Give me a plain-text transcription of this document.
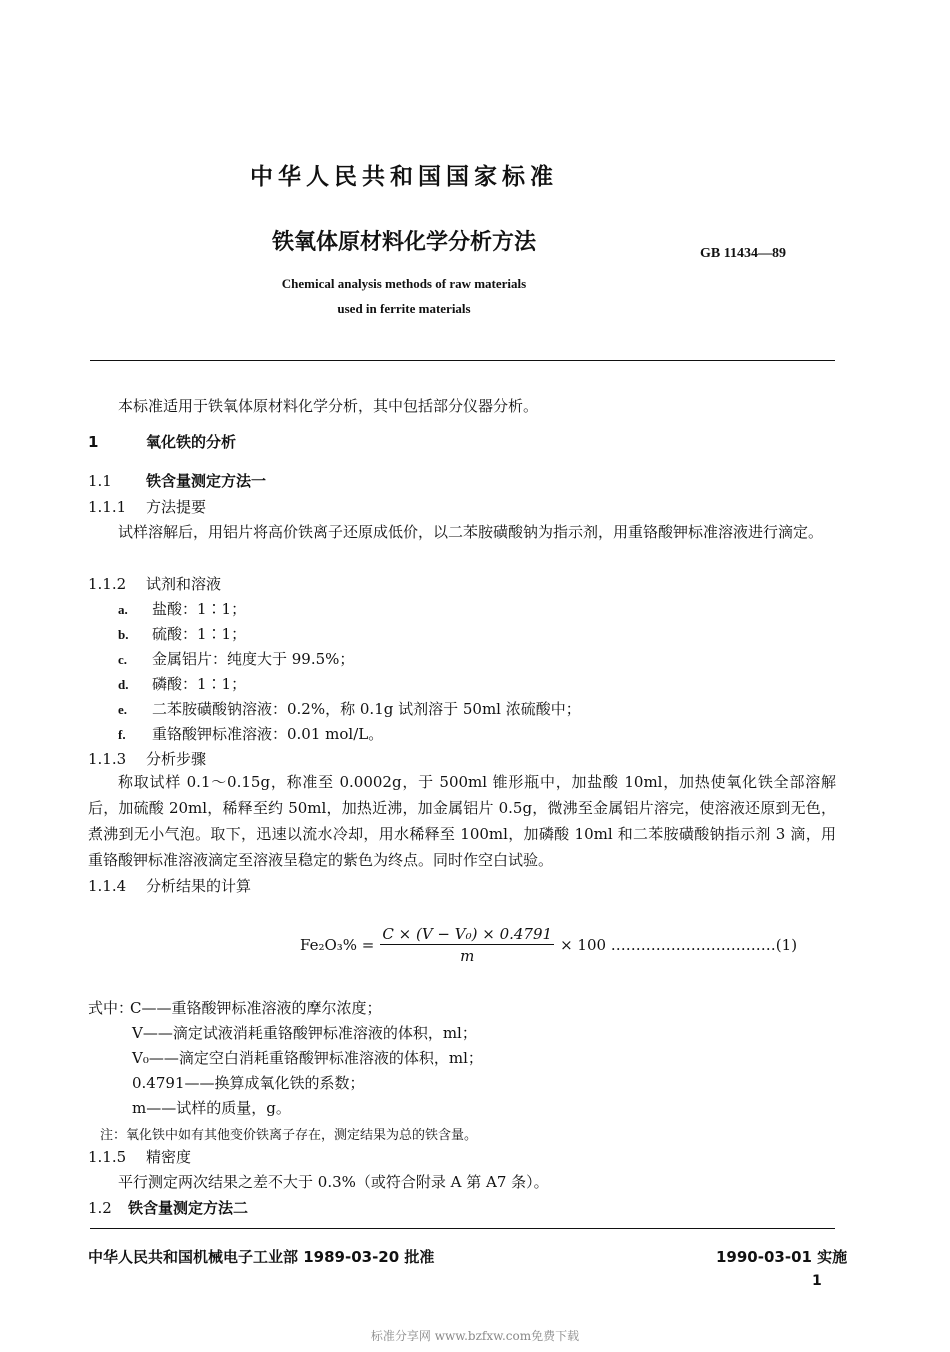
中华人民共和国国家标准
铁氧体原材料化学分析方法	GB 11434—89
Chemical analysis methods of raw materials
used in ferrite materials
本标准适用于铁氧体原材料化学分析，其中包括部分仪器分析。
1	氧化铁的分析
1.1 铁含量测定方法一
1.1.1 方法提要
试样溶解后，用铝片将高价铁离子还原成低价，以二苯胺磺酸钠为指示剂，用重铬酸钾标准溶液进行滴定。
1.1.2 试剂和溶液
a. 盐酸：1∶1；
b. 硫酸：1∶1；
c. 金属铝片：纯度大于 99.5%；
d. 磷酸：1∶1；
e. 二苯胺磺酸钠溶液：0.2%，称 0.1g 试剂溶于 50ml 浓硫酸中；
f. 重铬酸钾标准溶液：0.01 mol/L。
1.1.3 分析步骤
称取试样 0.1～0.15g，称准至 0.0002g，于 500ml 锥形瓶中，加盐酸 10ml，加热使氧化铁全部溶解后，加硫酸 20ml，稀释至约 50ml，加热近沸，加金属铝片 0.5g，微沸至金属铝片溶完，使溶液还原到无色，煮沸到无小气泡。取下，迅速以流水冷却，用水稀释至 100ml，加磷酸 10ml 和二苯胺磺酸钠指示剂 3 滴，用重铬酸钾标准溶液滴定至溶液呈稳定的紫色为终点。同时作空白试验。
1.1.4 分析结果的计算
$Fe_2O_3\% = \frac{\text{C × (V − V₀) × 0.4791}}{m} \times 100$ ……………………………(1)
式中：
C——重铬酸钾标准溶液的摩尔浓度；
V——滴定试液消耗重铬酸钾标准溶液的体积，ml；
V₀——滴定空白消耗重铬酸钾标准溶液的体积，ml；
0.4791——换算成氧化铁的系数；
m——试样的质量，g。
注：氧化铁中如有其他变价铁离子存在，测定结果为总的铁含量。
1.1.5 精密度
平行测定两次结果之差不大于 0.3%（或符合附录 A 第 A7 条）。
1.2 铁含量测定方法二
中华人民共和国机械电子工业部 1989-03-20 批准	1990-03-01 实施
1
标准分享网 www.bzfxw.com免费下载
